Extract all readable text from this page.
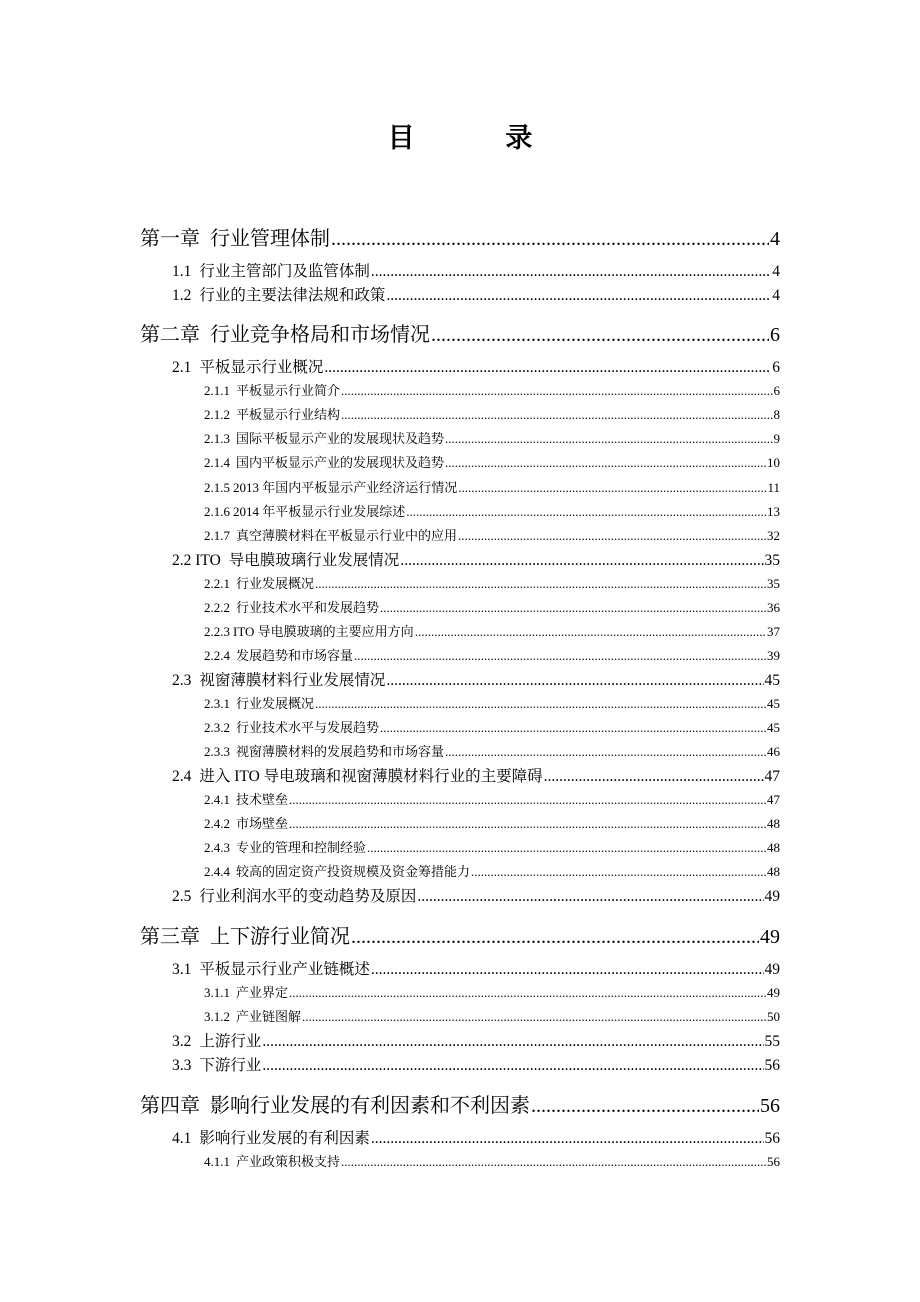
目 录
第一章 行业管理体制 .....	4
1.1 行业主管部门及监管体制 .....	4
1.2 行业的主要法律法规和政策 .....	4
第二章 行业竞争格局和市场情况 .....	6
2.1 平板显示行业概况 .....	6
2.1.1 平板显示行业简介 .....	6
2.1.2 平板显示行业结构 .....	8
2.1.3 国际平板显示产业的发展现状及趋势 .....	9
2.1.4 国内平板显示产业的发展现状及趋势 .....	10
2.1.5 2013 年国内平板显示产业经济运行情况 .....	11
2.1.6 2014 年平板显示行业发展综述 .....	13
2.1.7 真空薄膜材料在平板显示行业中的应用 .....	32
2.2 ITO 导电膜玻璃行业发展情况 .....	35
2.2.1 行业发展概况 .....	35
2.2.2 行业技术水平和发展趋势 .....	36
2.2.3 ITO 导电膜玻璃的主要应用方向 .....	37
2.2.4 发展趋势和市场容量 .....	39
2.3 视窗薄膜材料行业发展情况 .....	45
2.3.1 行业发展概况 .....	45
2.3.2 行业技术水平与发展趋势 .....	45
2.3.3 视窗薄膜材料的发展趋势和市场容量 .....	46
2.4 进入 ITO 导电玻璃和视窗薄膜材料行业的主要障碍 .....	47
2.4.1 技术壁垒 .....	47
2.4.2 市场壁垒 .....	48
2.4.3 专业的管理和控制经验 .....	48
2.4.4 较高的固定资产投资规模及资金筹措能力 .....	48
2.5 行业利润水平的变动趋势及原因 .....	49
第三章 上下游行业简况 .....	49
3.1 平板显示行业产业链概述 .....	49
3.1.1 产业界定 .....	49
3.1.2 产业链图解 .....	50
3.2 上游行业 .....	55
3.3 下游行业 .....	56
第四章 影响行业发展的有利因素和不利因素 .....	56
4.1 影响行业发展的有利因素 .....	56
4.1.1 产业政策积极支持 .....	56
